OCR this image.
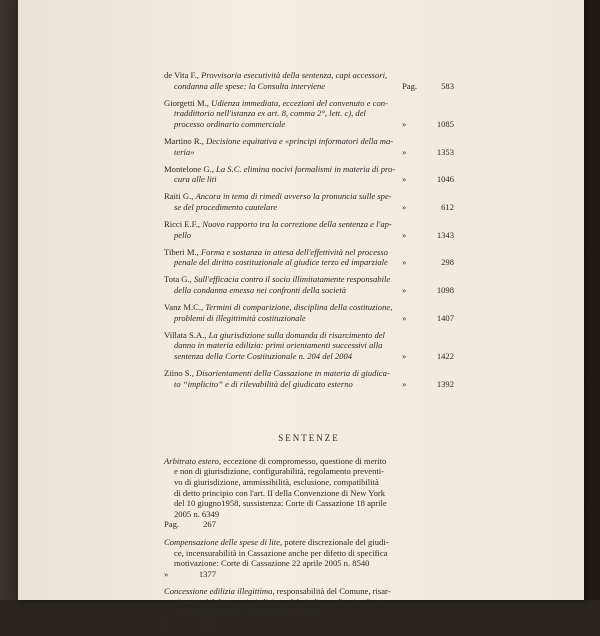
de Vita F., Provvisoria esecutività della sentenza, capi accessori,
condanna alle spese: la Consulta interviene	Pag.	583
Giorgetti M., Udienza immediata, eccezioni del convenuto e con-
traddittorio nell'istanza ex art. 8, comma 2°, lett. c), del
processo ordinario commerciale	»	1085
Martino R., Decisione equitativa e «principi informatori della ma-
teria»	»	1353
Montelone G., La S.C. elimina nocivi formalismi in materia di pro-
cura alle liti	»	1046
Raiti G., Ancora in tema di rimedi avverso la pronuncia sulle spe-
se del procedimento cautelare	»	612
Ricci E.F., Nuovo rapporto tra la correzione della sentenza e l'ap-
pello	»	1343
Tiberi M., Forma e sostanza in attesa dell'effettività nel processo
penale del diritto costituzionale al giudice terzo ed imparziale	»	298
Tota G., Sull'efficacia contro il socio illimitatamente responsabile
della condanna emessa nei confronti della società	»	1098
Vanz M.C., Termini di comparizione, disciplina della costituzione,
problemi di illegittimità costituzionale	»	1407
Villata S.A., La giurisdizione sulla domanda di risarcimento del
danno in materia edilizia: primi orientamenti successivi alla
sentenza della Corte Costituzionale n. 204 del 2004	»	1422
Ziino S., Disorientamenti della Cassazione in materia di giudica-
to “implicito” e di rilevabilità del giudicato esterno	»	1392
SENTENZE
Arbitrato estero, eccezione di compromesso, questione di merito
e non di giurisdizione, configurabilità, regolamento preventi-
vo di giurisdizione, ammissibilità, esclusione, compatibilità
di detto principio con l'art. II della Convenzione di New York
del 10 giugno1958, sussistenza: Corte di Cassazione 18 aprile
2005 n. 6349
Pag.	267
Compensazione delle spese di lite, potere discrezionale del giudi-
ce, incensurabilità in Cassazione anche per difetto di specifica
motivazione: Corte di Cassazione 22 aprile 2005 n. 8540
»	1377
Concessione edilizia illegittima, responsabilità del Comune, risar-
cimento del danno, giurisdizione del giudice ordinario: Corte
di Cassazione S.U. 7 marzo 2005 n. 4805
»	1415
